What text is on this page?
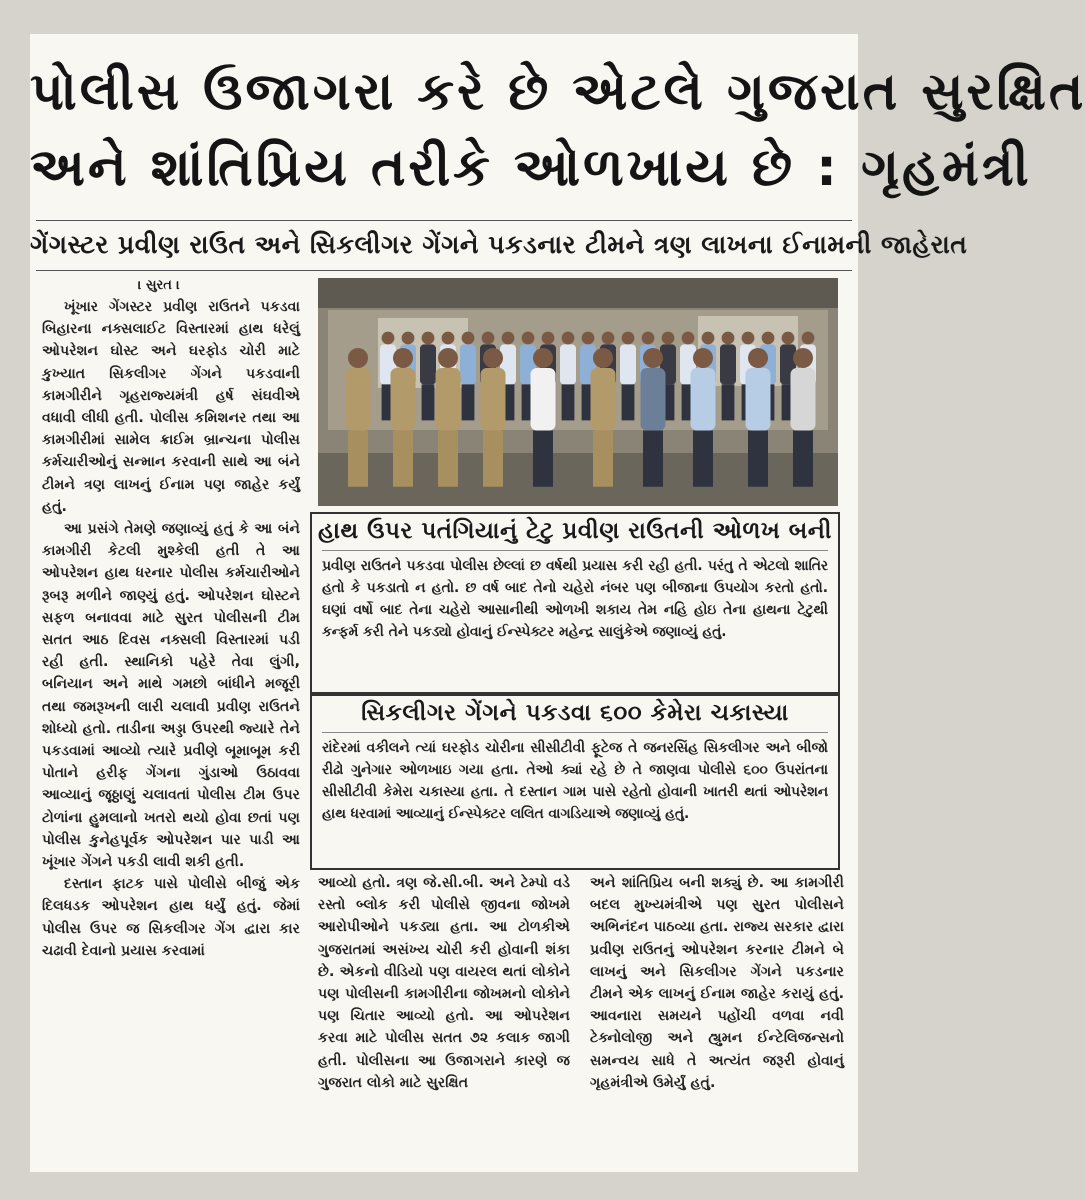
પોલીસ ઉજાગરા કરે છે એટલે ગુજરાત સુરક્ષિત
અને શાંતિપ્રિય તરીકે ઓળખાય છે : ગૃહમંત્રી
ગેંગસ્ટર પ્રવીણ રાઉત અને સિકલીગર ગેંગને પકડનાર ટીમને ત્રણ લાખના ઈનામની જાહેરાત
। સુરત ।

ખૂંખાર ગેંગસ્ટર પ્રવીણ રાઉતને પકડવા બિહારના નક્સલાઈટ વિસ્તારમાં હાથ ધરેલું ઓપરેશન ઘોસ્ટ અને ઘરફોડ ચોરી માટે કુખ્યાત સિકલીગર ગેંગને પકડવાની કામગીરીને ગૃહરાજ્યમંત્રી હર્ષ સંઘવીએ વધાવી લીધી હતી. પોલીસ કમિશનર તથા આ કામગીરીમાં સામેલ ક્રાઈમ બ્રાન્ચના પોલીસ કર્મચારીઓનું સન્માન કરવાની સાથે આ બંને ટીમને ત્રણ લાખનું ઈનામ પણ જાહેર કર્યું હતું.

આ પ્રસંગે તેમણે જણાવ્યું હતું કે આ બંને કામગીરી કેટલી મુશ્કેલી હતી તે આ ઓપરેશન હાથ ધરનાર પોલીસ કર્મચારીઓને રૂબરૂ મળીને જાણ્યું હતું. ઓપરેશન ઘોસ્ટને સફળ બનાવવા માટે સુરત પોલીસની ટીમ સતત આઠ દિવસ નક્સલી વિસ્તારમાં પડી રહી હતી. સ્થાનિકો પહેરે તેવા લુંગી, બનિયાન અને માથે ગમછો બાંધીને મજૂરી તથા જમરૂખની લારી ચલાવી પ્રવીણ રાઉતને શોધ્યો હતો. તાડીના અડ્ડા ઉપરથી જ્યારે તેને પકડવામાં આવ્યો ત્યારે પ્રવીણે બૂમાબૂમ કરી પોતાને હરીફ ગેંગના ગુંડાઓ ઉઠાવવા આવ્યાનું જૂઠ્ઠાણું ચલાવતાં પોલીસ ટીમ ઉપર ટોળાંના હુમલાનો ખતરો થયો હોવા છતાં પણ પોલીસ કુનેહપૂર્વક ઓપરેશન પાર પાડી આ ખૂંખાર ગેંગને પકડી લાવી શકી હતી.

દસ્તાન ફાટક પાસે પોલીસે બીજું એક દિલધડક ઓપરેશન હાથ ધર્યું હતું. જેમાં પોલીસ ઉપર જ સિકલીગર ગેંગ દ્વારા કાર ચઢાવી દેવાનો પ્રયાસ કરવામાં

હાથ ઉપર પતંગિયાનું ટેટુ પ્રવીણ રાઉતની ઓળખ બની
પ્રવીણ રાઉતને પકડવા પોલીસ છેલ્લાં છ વર્ષથી પ્રયાસ કરી રહી હતી. પરંતુ તે એટલો શાતિર હતો કે પકડાતો ન હતો. છ વર્ષ બાદ તેનો ચહેરો નંબર પણ બીજાના ઉપયોગ કરતો હતો. ઘણાં વર્ષો બાદ તેના ચહેરો આસાનીથી ઓળખી શકાય તેમ નહિ હોઇ તેના હાથના ટેટુથી કન્ફર્મ કરી તેને પકડ્યો હોવાનું ઈન્સ્પેક્ટર મહેન્દ્ર સાલુંકેએ જણાવ્યું હતું.
સિકલીગર ગેંગને પકડવા ૬૦૦ કેમેરા ચકાસ્યા
રાંદેરમાં વકીલને ત્યાં ઘરફોડ ચોરીના સીસીટીવી ફૂટેજ તે જનરસિંહ સિકલીગર અને બીજો રીઢો ગુનેગાર ઓળખાઇ ગયા હતા. તેઓ ક્યાં રહે છે તે જાણવા પોલીસે ૬૦૦ ઉપરાંતના સીસીટીવી કેમેરા ચકાસ્યા હતા. તે દસ્તાન ગામ પાસે રહેતો હોવાની ખાતરી થતાં ઓપરેશન હાથ ધરવામાં આવ્યાનું ઈન્સ્પેક્ટર લલિત વાગડિયાએ જણાવ્યું હતું.

આવ્યો હતો. ત્રણ જે.સી.બી. અને ટેમ્પો વડે રસ્તો બ્લોક કરી પોલીસે જીવના જોખમે આરોપીઓને પકડ્યા હતા. આ ટોળકીએ ગુજરાતમાં અસંખ્ય ચોરી કરી હોવાની શંકા છે. એકનો વીડિયો પણ વાયરલ થતાં લોકોને પણ પોલીસની કામગીરીના જોખમનો લોકોને પણ ચિતાર આવ્યો હતો. આ ઓપરેશન કરવા માટે પોલીસ સતત ૭૨ કલાક જાગી હતી. પોલીસના આ ઉજાગરાને કારણે જ ગુજરાત લોકો માટે સુરક્ષિત

અને શાંતિપ્રિય બની શક્યું છે. આ કામગીરી બદલ મુખ્યમંત્રીએ પણ સુરત પોલીસને અભિનંદન પાઠવ્યા હતા. રાજ્ય સરકાર દ્વારા પ્રવીણ રાઉતનું ઓપરેશન કરનાર ટીમને બે લાખનું અને સિકલીગર ગેંગને પકડનાર ટીમને એક લાખનું ઈનામ જાહેર કરાયું હતું. આવનારા સમયને પહોંચી વળવા નવી ટેક્નોલોજી અને હ્યુમન ઈન્ટેલિજન્સનો સમન્વય સાધે તે અત્યંત જરૂરી હોવાનું ગૃહમંત્રીએ ઉમેર્યું હતું.
